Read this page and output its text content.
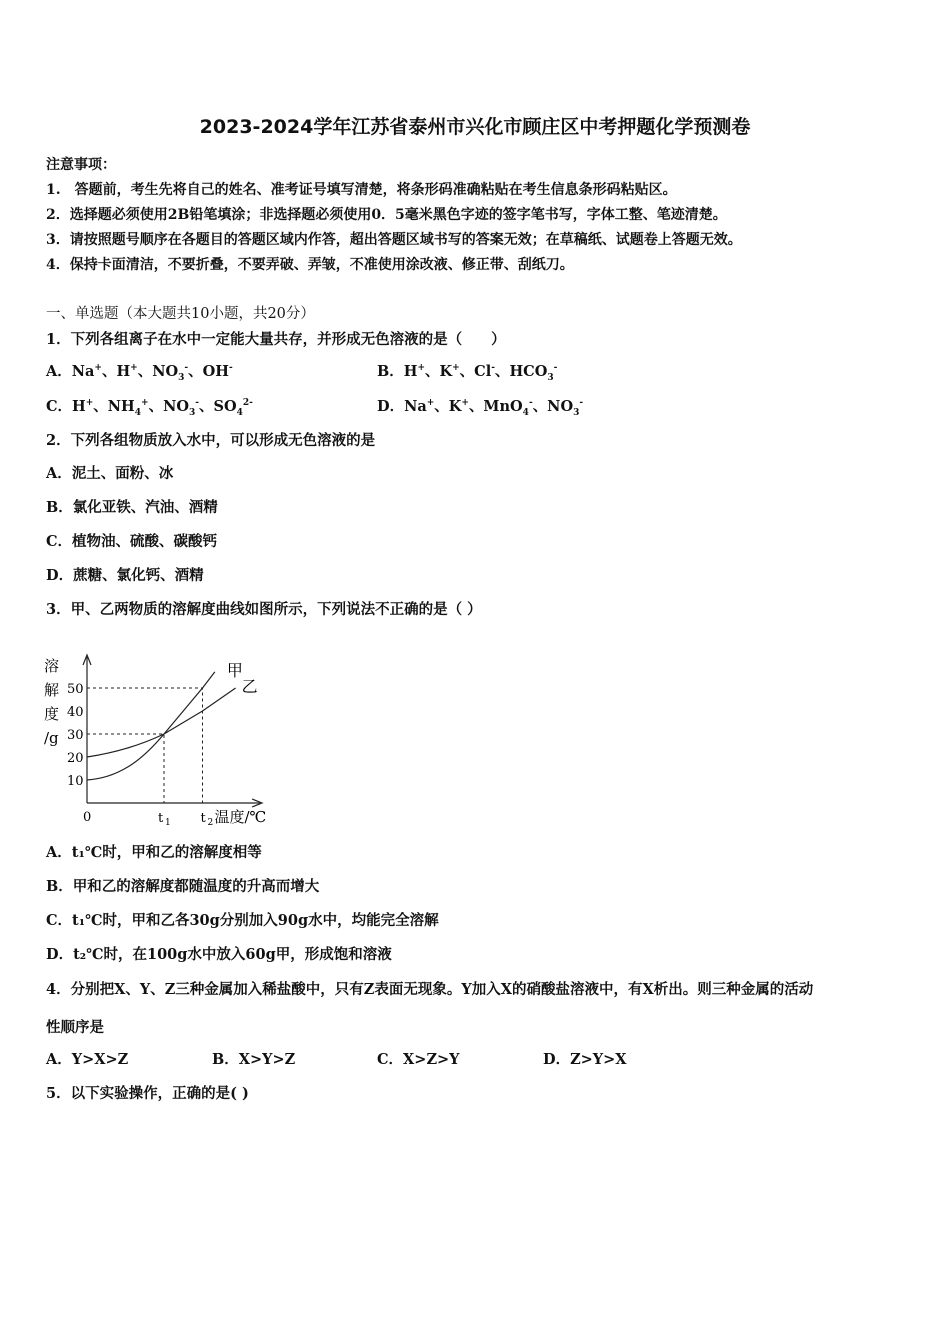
2023-2024学年江苏省泰州市兴化市顾庄区中考押题化学预测卷
注意事项：
1.　答题前，考生先将自己的姓名、准考证号填写清楚，将条形码准确粘贴在考生信息条形码粘贴区。
2．选择题必须使用2B铅笔填涂；非选择题必须使用0．5毫米黑色字迹的签字笔书写，字体工整、笔迹清楚。
3．请按照题号顺序在各题目的答题区域内作答，超出答题区域书写的答案无效；在草稿纸、试题卷上答题无效。
4．保持卡面清洁，不要折叠，不要弄破、弄皱，不准使用涂改液、修正带、刮纸刀。
一、单选题（本大题共10小题，共20分）
1．下列各组离子在水中一定能大量共存，并形成无色溶液的是（　　）
A．Na+、H+、$NO_3^-$、OH-	B．H+、K+、Cl-、$HCO_3^-$
C．H+、$NH_4^+$、$NO_3^-$、$SO_4^{2-}$	D．Na+、K+、MnO$_4$-、$NO_3^-$
2．下列各组物质放入水中，可以形成无色溶液的是
A．泥土、面粉、冰
B．氯化亚铁、汽油、酒精
C．植物油、硫酸、碳酸钙
D．蔗糖、氯化钙、酒精
3．甲、乙两物质的溶解度曲线如图所示，下列说法不正确的是（ ）
溶
解
度
/g
10
20
30
40
50
0	t 1 t 2 温度/℃
甲
乙
A．t₁℃时，甲和乙的溶解度相等
B．甲和乙的溶解度都随温度的升高而增大
C．t₁℃时，甲和乙各30g分别加入90g水中，均能完全溶解
D．t₂℃时，在100g水中放入60g甲，形成饱和溶液
4．分别把X、Y、Z三种金属加入稀盐酸中，只有Z表面无现象。Y加入X的硝酸盐溶液中，有X析出。则三种金属的活动
性顺序是
A．Y>X>Z	B．X>Y>Z	C．X>Z>Y	D．Z>Y>X
5．以下实验操作，正确的是( )
